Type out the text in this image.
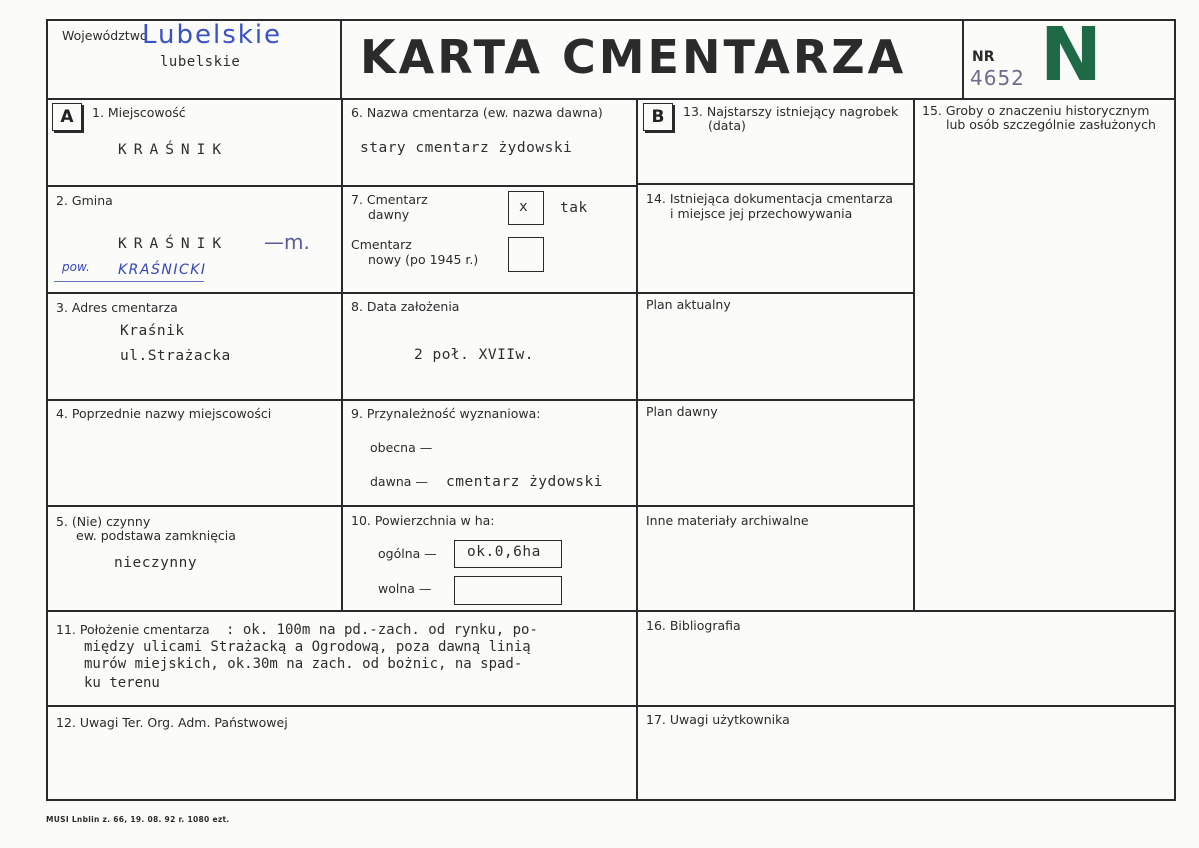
Województwo
Lubelskie
lubelskie	KARTA CMENTARZA	NR
4652 N
A	B
1. Miejscowość
KRAŚNIK
2. Gmina
KRAŚNIK —m.
pow. KRAŚNICKI
3. Adres cmentarza
Kraśnik
ul.Strażacka
4. Poprzednie nazwy miejscowości
5. (Nie) czynny
ew. podstawa zamknięcia
nieczynny
6. Nazwa cmentarza (ew. nazwa dawna)
stary cmentarz żydowski
7. Cmentarz
dawny	x tak
Cmentarz
nowy (po 1945 r.)
8. Data założenia
2 poł. XVIIw.
9. Przynależność wyznaniowa:
obecna —
dawna — cmentarz żydowski
10. Powierzchnia w ha:
ogólna — ok.0,6ha
wolna —
11. Położenie cmentarza : ok. 100m na pd.-zach. od rynku, po-
między ulicami Strażacką a Ogrodową, poza dawną linią
murów miejskich, ok.30m na zach. od bożnic, na spad-
ku terenu
12. Uwagi Ter. Org. Adm. Państwowej
13. Najstarszy istniejący nagrobek
(data)
14. Istniejąca dokumentacja cmentarza
i miejsce jej przechowywania
Plan aktualny
Plan dawny
Inne materiały archiwalne
15. Groby o znaczeniu historycznym
lub osób szczególnie zasłużonych
16. Bibliografia
17. Uwagi użytkownika
MUSI Lnblin z. 66, 19. 08. 92 r. 1080 ezt.
